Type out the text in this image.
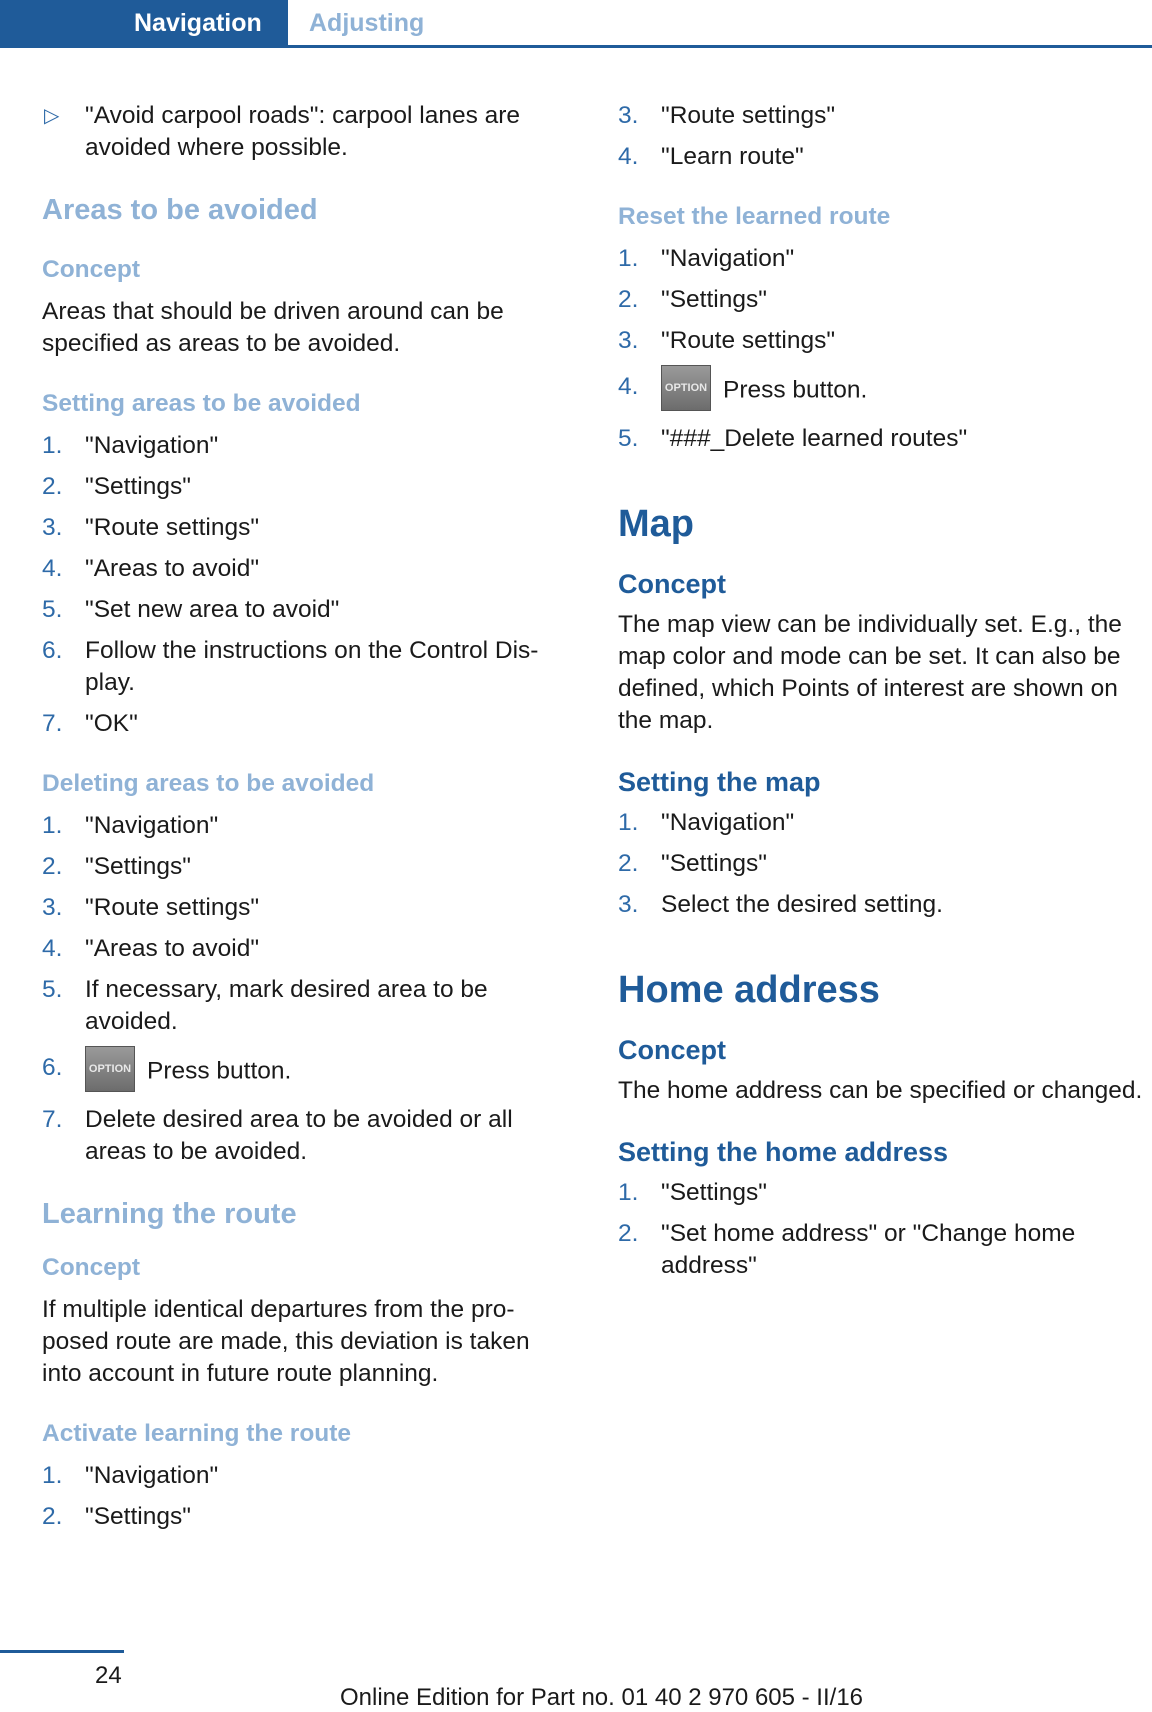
Navigation	Adjusting
▷ "Avoid carpool roads": carpool lanes are avoided where possible.
Areas to be avoided
Concept

Areas that should be driven around can be specified as areas to be avoided.

Setting areas to be avoided
1. "Navigation"
2. "Settings"
3. "Route settings"
4. "Areas to avoid"
5. "Set new area to avoid"
6. Follow the instructions on the Control Dis‐ play.
7. "OK"
Deleting areas to be avoided
1. "Navigation"
2. "Settings"
3. "Route settings"
4. "Areas to avoid"
5. If necessary, mark desired area to be avoided.
6. OPTION Press button.
7. Delete desired area to be avoided or all areas to be avoided.
Learning the route
Concept

If multiple identical departures from the pro‐ posed route are made, this deviation is taken into account in future route planning.

Activate learning the route
1. "Navigation"
2. "Settings"
3. "Route settings"
4. "Learn route"
Reset the learned route
1. "Navigation"
2. "Settings"
3. "Route settings"
4. OPTION Press button.
5. "###_Delete learned routes"
Map
Concept

The map view can be individually set. E.g., the map color and mode can be set. It can also be defined, which Points of interest are shown on the map.

Setting the map
1. "Navigation"
2. "Settings"
3. Select the desired setting.
Home address
Concept

The home address can be specified or changed.

Setting the home address
1. "Settings"
2. "Set home address" or "Change home address"
24
Online Edition for Part no. 01 40 2 970 605 - II/16
